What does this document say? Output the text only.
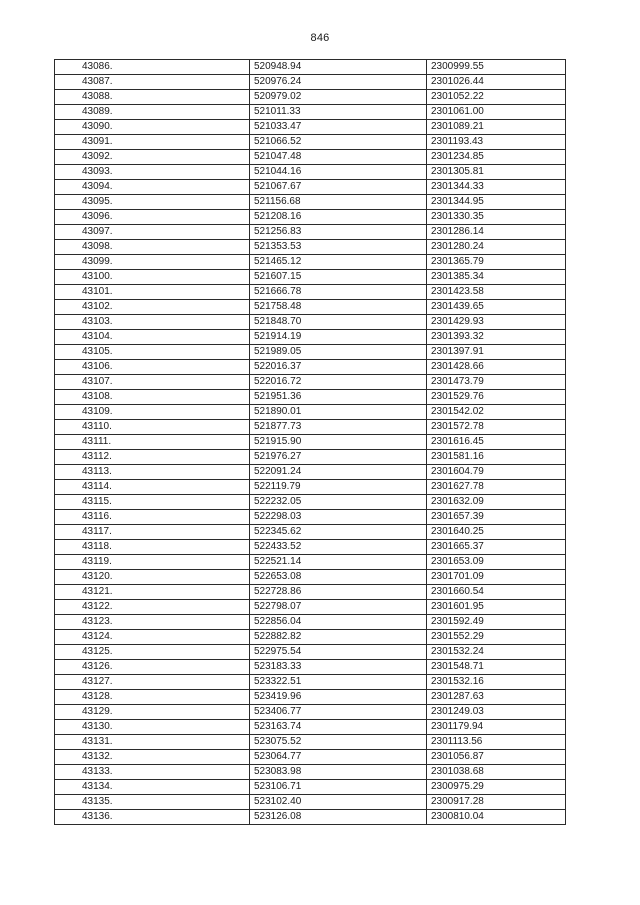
846
43086.	520948.94	2300999.55
43087.	520976.24	2301026.44
43088.	520979.02	2301052.22
43089.	521011.33	2301061.00
43090.	521033.47	2301089.21
43091.	521066.52	2301193.43
43092.	521047.48	2301234.85
43093.	521044.16	2301305.81
43094.	521067.67	2301344.33
43095.	521156.68	2301344.95
43096.	521208.16	2301330.35
43097.	521256.83	2301286.14
43098.	521353.53	2301280.24
43099.	521465.12	2301365.79
43100.	521607.15	2301385.34
43101.	521666.78	2301423.58
43102.	521758.48	2301439.65
43103.	521848.70	2301429.93
43104.	521914.19	2301393.32
43105.	521989.05	2301397.91
43106.	522016.37	2301428.66
43107.	522016.72	2301473.79
43108.	521951.36	2301529.76
43109.	521890.01	2301542.02
43110.	521877.73	2301572.78
43111.	521915.90	2301616.45
43112.	521976.27	2301581.16
43113.	522091.24	2301604.79
43114.	522119.79	2301627.78
43115.	522232.05	2301632.09
43116.	522298.03	2301657.39
43117.	522345.62	2301640.25
43118.	522433.52	2301665.37
43119.	522521.14	2301653.09
43120.	522653.08	2301701.09
43121.	522728.86	2301660.54
43122.	522798.07	2301601.95
43123.	522856.04	2301592.49
43124.	522882.82	2301552.29
43125.	522975.54	2301532.24
43126.	523183.33	2301548.71
43127.	523322.51	2301532.16
43128.	523419.96	2301287.63
43129.	523406.77	2301249.03
43130.	523163.74	2301179.94
43131.	523075.52	2301113.56
43132.	523064.77	2301056.87
43133.	523083.98	2301038.68
43134.	523106.71	2300975.29
43135.	523102.40	2300917.28
43136.	523126.08	2300810.04
